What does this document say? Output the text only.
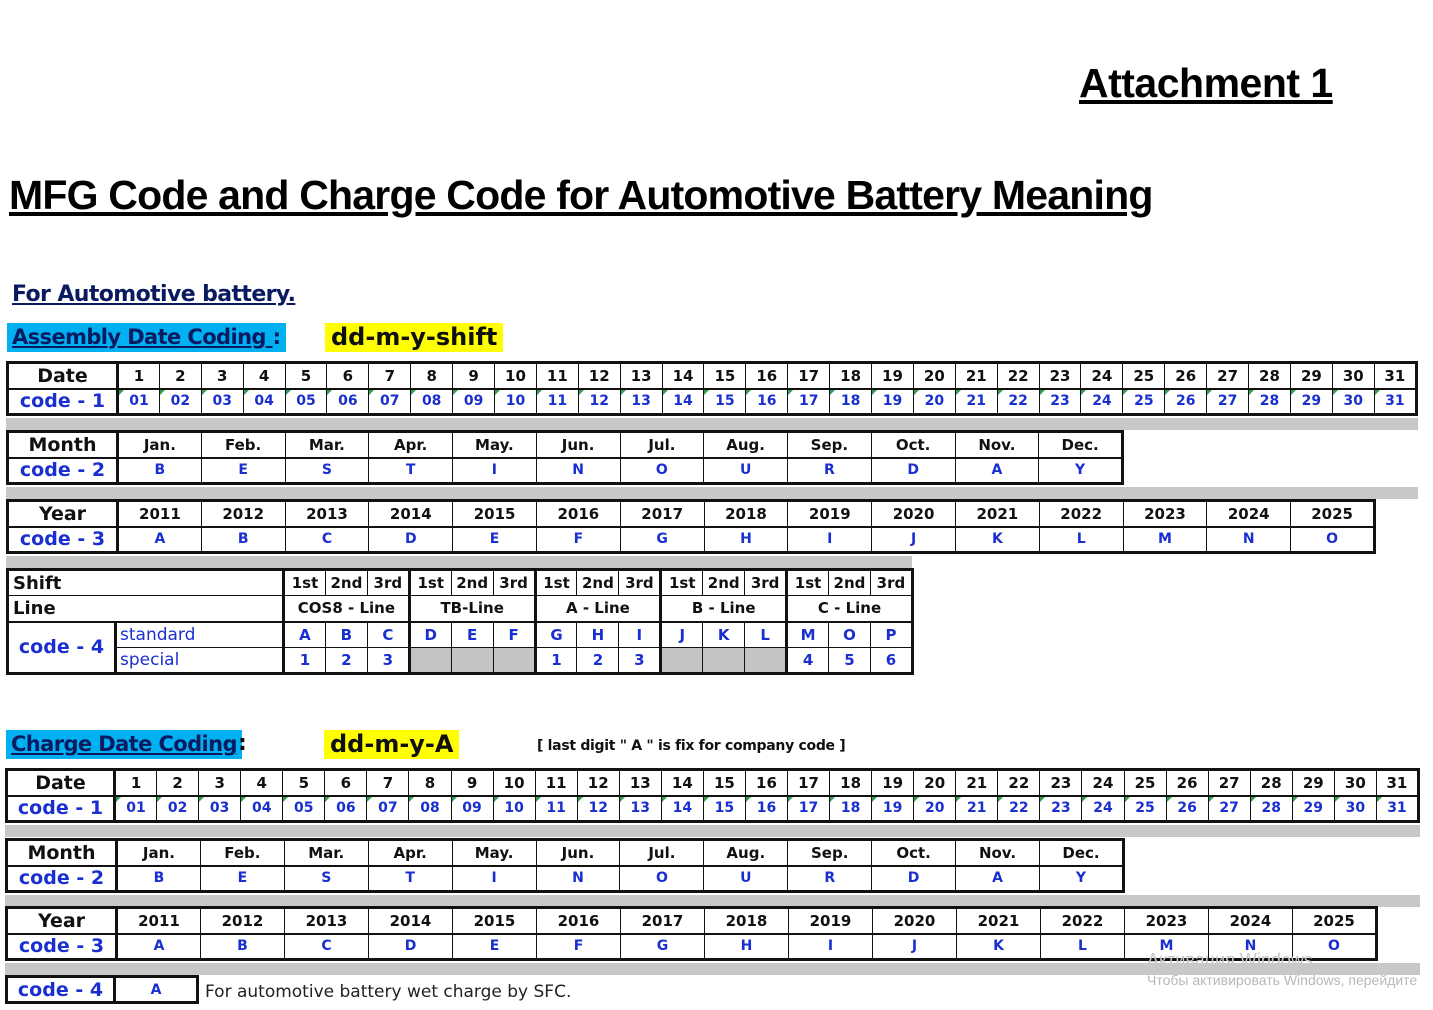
Attachment 1
MFG Code and Charge Code for Automotive Battery Meaning
For Automotive battery.
Assembly Date Coding : dd-m-y-shift
Date	1	2	3	4	5	6	7	8	9	10	11	12	13	14	15	16	17	18	19	20	21	22	23	24	25	26	27	28	29	30	31
code - 1	01	02	03	04	05	06	07	08	09	10	11	12	13	14	15	16	17	18	19	20	21	22	23	24	25	26	27	28	29	30	31
Month	Jan.	Feb.	Mar.	Apr.	May.	Jun.	Jul.	Aug.	Sep.	Oct.	Nov.	Dec.
code - 2	B	E	S	T	I	N	O	U	R	D	A	Y
Year	2011	2012	2013	2014	2015	2016	2017	2018	2019	2020	2021	2022	2023	2024	2025
code - 3	A	B	C	D	E	F	G	H	I	J	K	L	M	N	O
Shift		1st	2nd	3rd	1st	2nd	3rd	1st	2nd	3rd	1st	2nd	3rd	1st	2nd	3rd
Line		COS8 - Line			TB-Line			A - Line			B - Line			C - Line		
code - 4	standard	A	B	C	D	E	F	G	H	I	J	K	L	M	O	P
	special	1	2	3				1	2	3				4	5	6
Charge Date Coding :	dd-m-y-A	[ last digit " A " is fix for company code ]
Date	1	2	3	4	5	6	7	8	9	10	11	12	13	14	15	16	17	18	19	20	21	22	23	24	25	26	27	28	29	30	31
code - 1	01	02	03	04	05	06	07	08	09	10	11	12	13	14	15	16	17	18	19	20	21	22	23	24	25	26	27	28	29	30	31
Month	Jan.	Feb.	Mar.	Apr.	May.	Jun.	Jul.	Aug.	Sep.	Oct.	Nov.	Dec.
code - 2	B	E	S	T	I	N	O	U	R	D	A	Y
Year	2011	2012	2013	2014	2015	2016	2017	2018	2019	2020	2021	2022	2023	2024	2025
code - 3	A	B	C	D	E	F	G	H	I	J	K	L	M	N	O
code - 4	A	For automotive battery wet charge by SFC.
Активация Windows
Чтобы активировать Windows, перейдите
